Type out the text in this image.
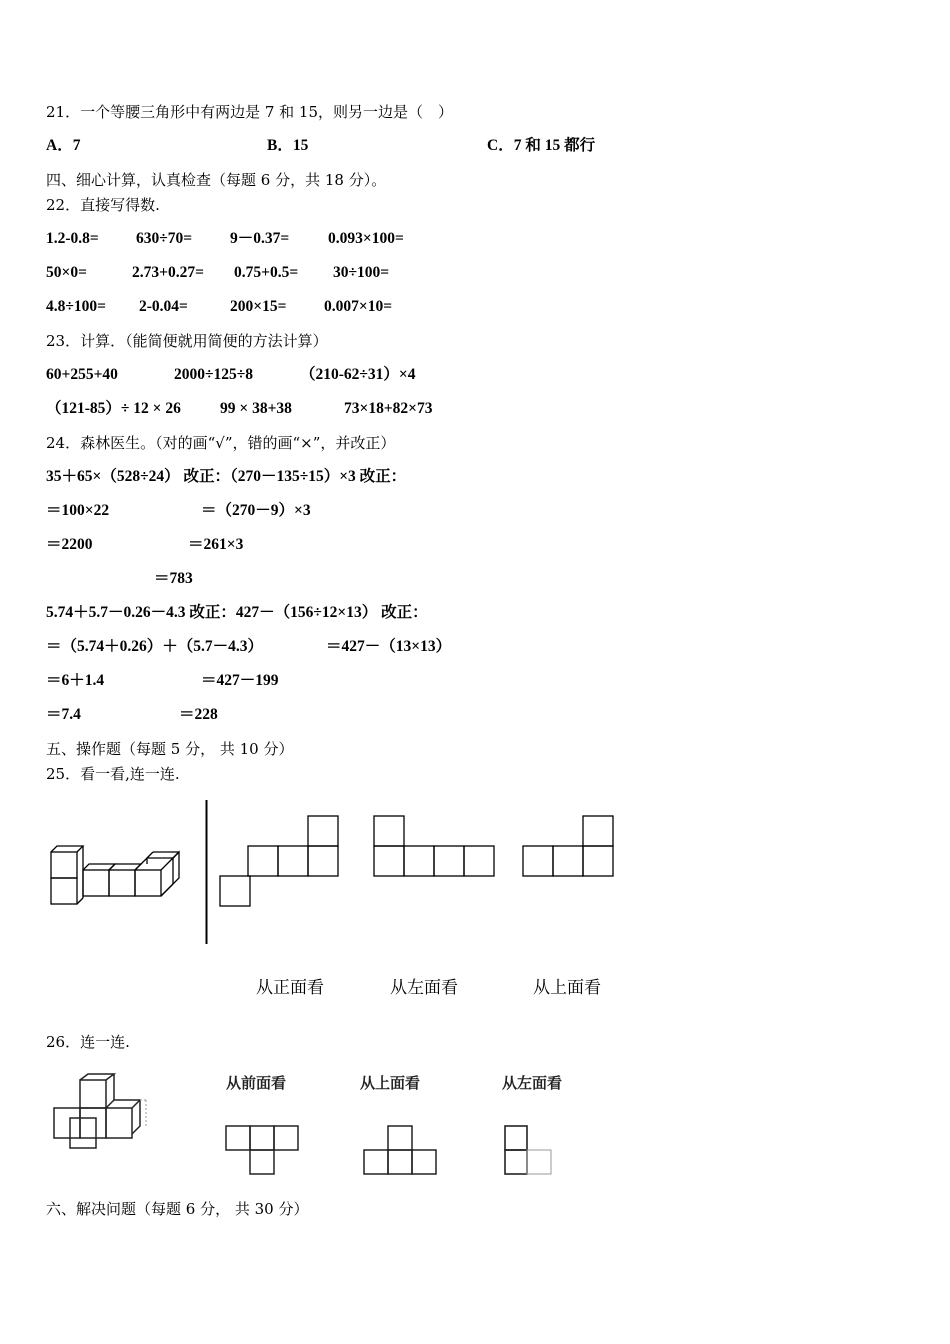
21．一个等腰三角形中有两边是 7 和 15，则另一边是（　）
A．7	B．15	C．7 和 15 都行
四、细心计算，认真检查（每题 6 分，共 18 分）。
22．直接写得数.
1.2-0.8= 630÷70= 9－0.37=	0.093×100=
50×0=	2.73+0.27= 0.75+0.5= 30÷100=
4.8÷100= 2-0.04=	200×15= 0.007×10=
23．计算．（能简便就用简便的方法计算）
60+255+40	2000÷125÷8	（210-62÷31）×4
（121-85）÷ 12 × 26	99 × 38+38	73×18+82×73
24．森林医生。（对的画“√”，错的画“×”，并改正）
35＋65×（528÷24） 改正：（270－135÷15）×3 改正：
＝100×22	＝（270－9）×3
＝2200	＝261×3
＝783
5.74＋5.7－0.26－4.3 改正：427－（156÷12×13） 改正：
＝（5.74＋0.26）＋（5.7－4.3）	＝427－（13×13）
＝6＋1.4	＝427－199
＝7.4	＝228
五、操作题（每题 5 分， 共 10 分）
25．看一看,连一连.
从正面看	从左面看	从上面看
26．连一连.
从前面看	从上面看	从左面看
六、解决问题（每题 6 分， 共 30 分）
